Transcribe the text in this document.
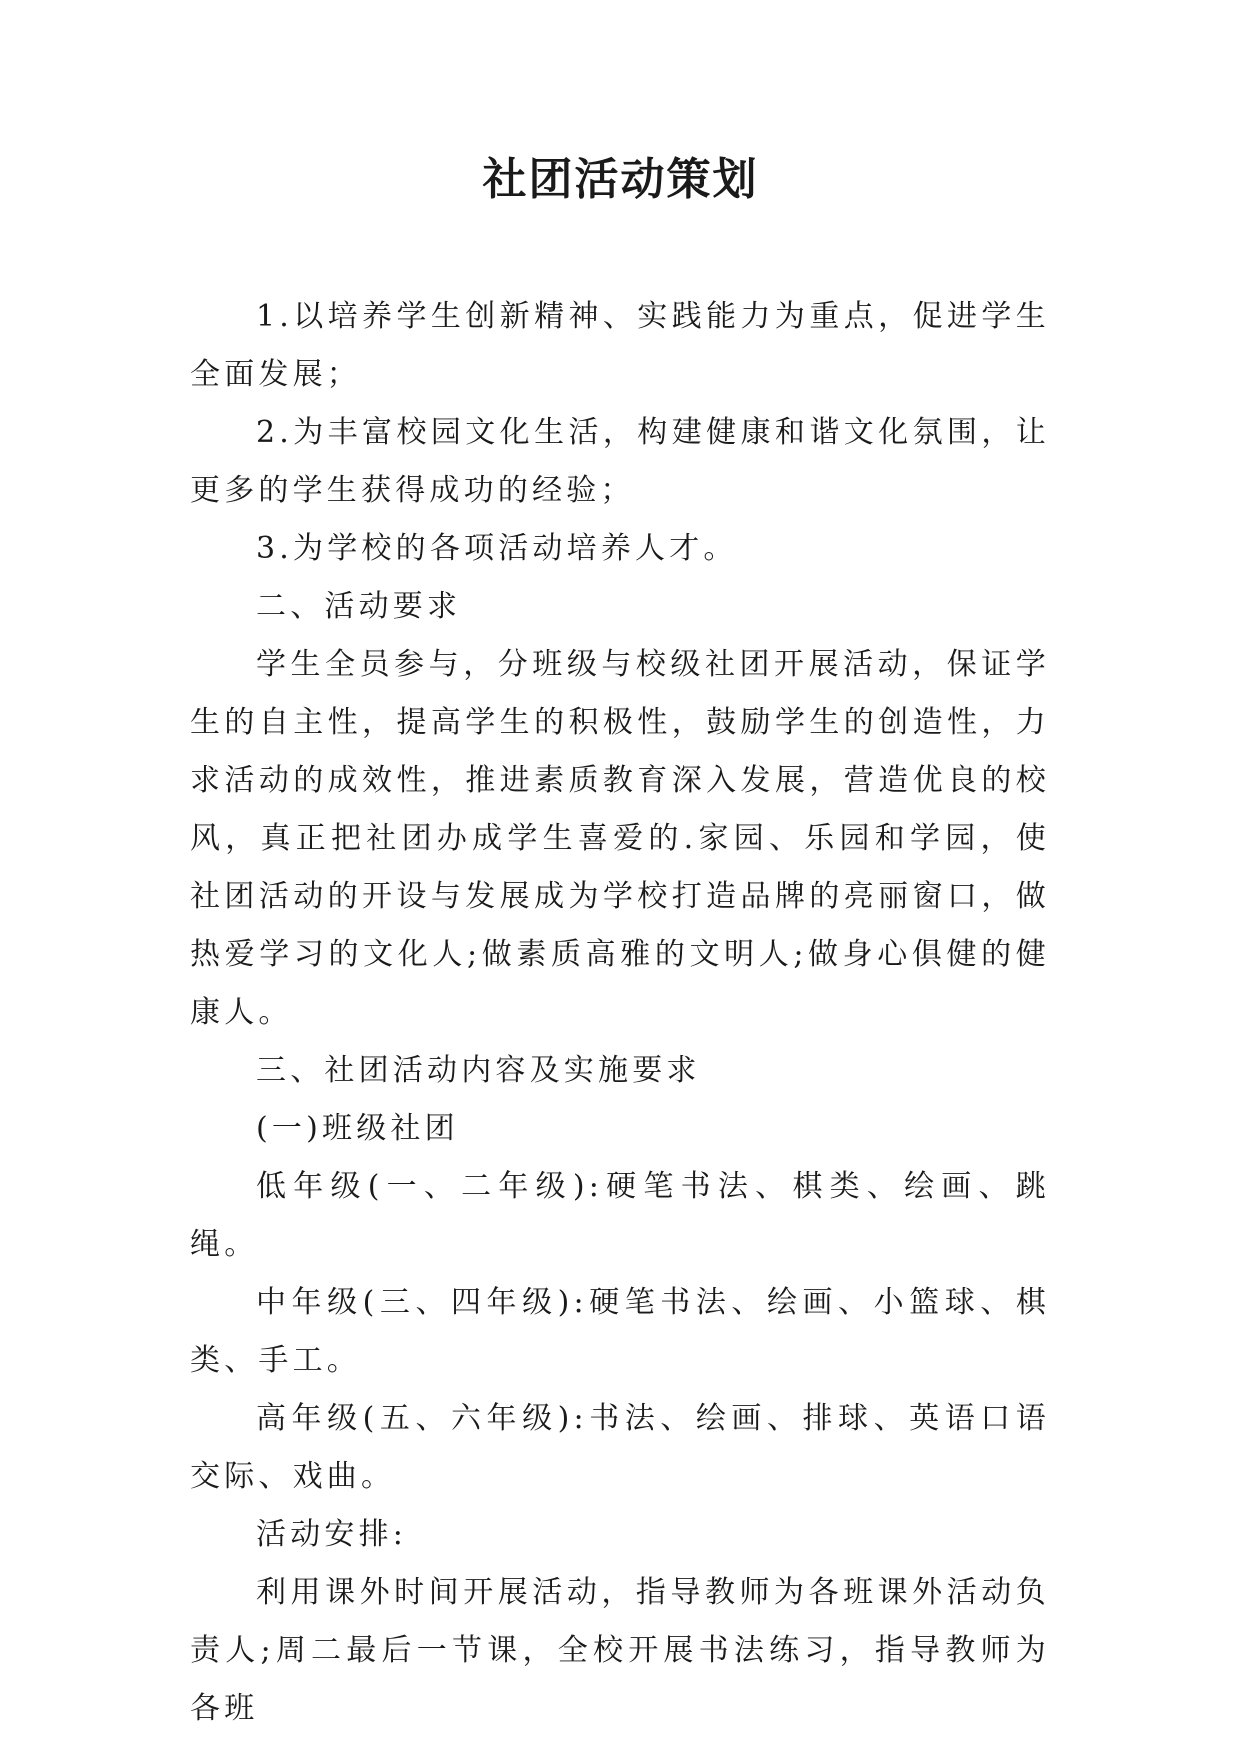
社团活动策划

1.以培养学生创新精神、实践能力为重点，促进学生全面发展；

2.为丰富校园文化生活，构建健康和谐文化氛围，让更多的学生获得成功的经验；

3.为学校的各项活动培养人才。

二、活动要求

学生全员参与，分班级与校级社团开展活动，保证学生的自主性，提高学生的积极性，鼓励学生的创造性，力求活动的成效性，推进素质教育深入发展，营造优良的校风，真正把社团办成学生喜爱的.家园、乐园和学园，使社团活动的开设与发展成为学校打造品牌的亮丽窗口，做热爱学习的文化人;做素质高雅的文明人;做身心俱健的健康人。

三、社团活动内容及实施要求

(一)班级社团

低年级(一、二年级):硬笔书法、棋类、绘画、跳绳。

中年级(三、四年级):硬笔书法、绘画、小篮球、棋类、手工。

高年级(五、六年级):书法、绘画、排球、英语口语交际、戏曲。

活动安排:

利用课外时间开展活动，指导教师为各班课外活动负责人;周二最后一节课，全校开展书法练习，指导教师为各班
